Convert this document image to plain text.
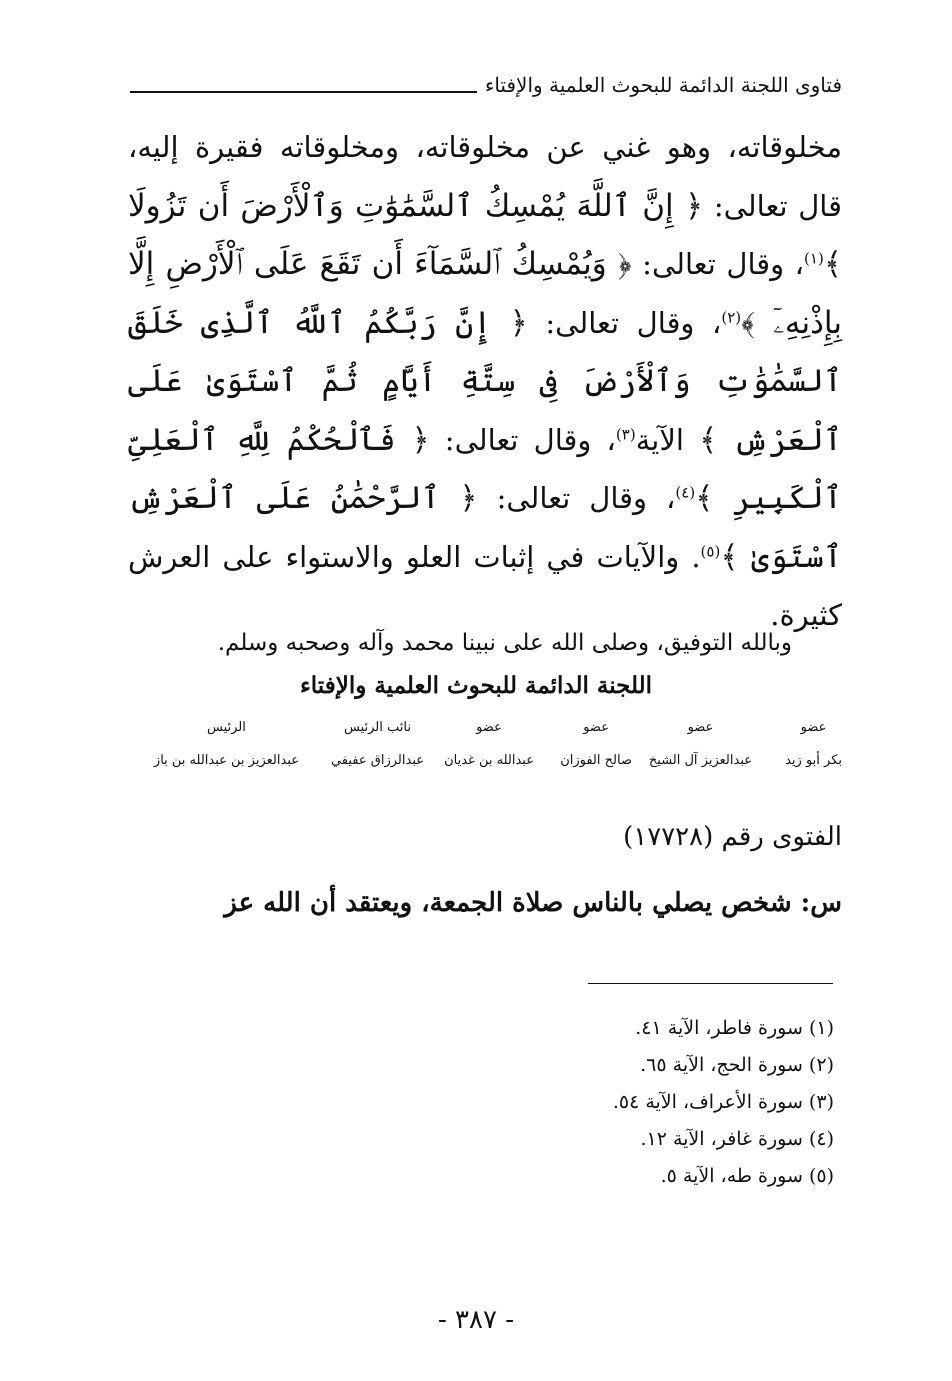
فتاوى اللجنة الدائمة للبحوث العلمية والإفتاء

مخلوقاته، وهو غني عن مخلوقاته، ومخلوقاته فقيرة إليه، قال تعالى: ﴿ إِنَّ ٱللَّهَ يُمْسِكُ ٱلسَّمَٰوَٰتِ وَٱلْأَرْضَ أَن تَزُولَا ﴾$^{(١)}$، وقال تعالى: ﴿ وَيُمْسِكُ ٱلسَّمَآءَ أَن تَقَعَ عَلَى ٱلْأَرْضِ إِلَّا بِإِذْنِهِۦٓ ﴾$^{(٢)}$، وقال تعالى: ﴿ إِنَّ رَبَّكُمُ ٱللَّهُ ٱلَّذِى خَلَقَ ٱلسَّمَٰوَٰتِ وَٱلْأَرْضَ فِى سِتَّةِ أَيَّامٍ ثُمَّ ٱسْتَوَىٰ عَلَى ٱلْعَرْشِ ﴾ الآية$^{(٣)}$، وقال تعالى: ﴿ فَٱلْحُكْمُ لِلَّهِ ٱلْعَلِىِّ ٱلْكَبِيرِ ﴾$^{(٤)}$، وقال تعالى: ﴿ ٱلرَّحْمَٰنُ عَلَى ٱلْعَرْشِ ٱسْتَوَىٰ ﴾$^{(٥)}$. والآيات في إثبات العلو والاستواء على العرش كثيرة.

وبالله التوفيق، وصلى الله على نبينا محمد وآله وصحبه وسلم.
اللجنة الدائمة للبحوث العلمية والإفتاء
عضو
بكر أبو زيد
عضو
عبدالعزيز آل الشيخ
عضو
صالح الفوزان
عضو
عبدالله بن غديان
نائب الرئيس
عبدالرزاق عفيفي
الرئيس
عبدالعزيز بن عبدالله بن باز
الفتوى رقم (١٧٧٢٨)
س: شخص يصلي بالناس صلاة الجمعة، ويعتقد أن الله عز
(١) سورة فاطر، الآية ٤١.
(٢) سورة الحج، الآية ٦٥.
(٣) سورة الأعراف، الآية ٥٤.
(٤) سورة غافر، الآية ١٢.
(٥) سورة طه، الآية ٥.
- ٣٨٧ -
